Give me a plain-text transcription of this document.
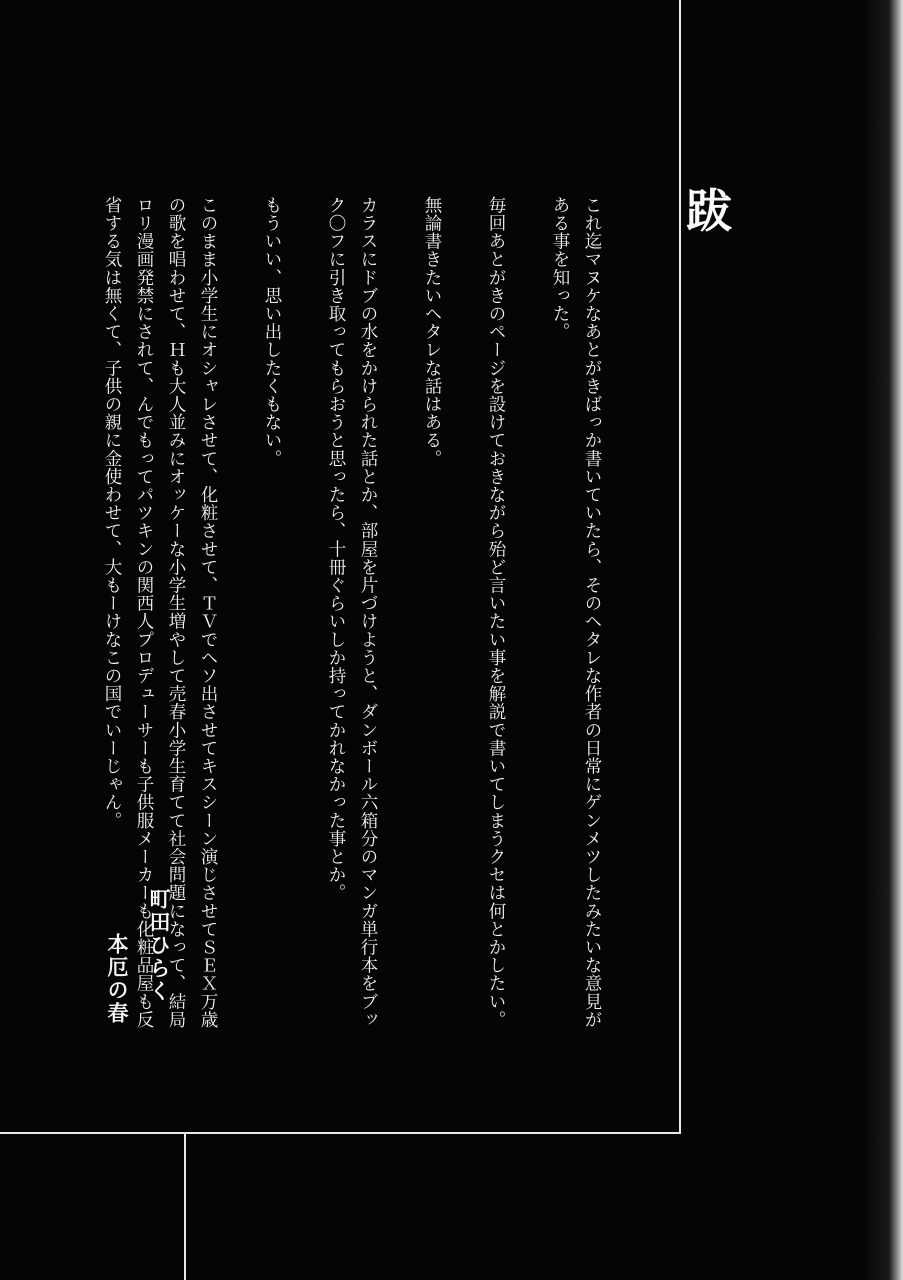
跋

これ迄マヌケなあとがきばっか書いていたら、そのヘタレな作者の日常にゲンメツしたみたいな意見がある事を知った。

毎回あとがきのページを設けておきながら殆ど言いたい事を解説で書いてしまうクセは何とかしたい。

無論書きたいヘタレな話はある。

カラスにドブの水をかけられた話とか、部屋を片づけようと、ダンボール六箱分のマンガ単行本をブック〇フに引き取ってもらおうと思ったら、十冊ぐらいしか持ってかれなかった事とか。

もういい、思い出したくもない。

このまま小学生にオシャレさせて、化粧させて、ＴＶでヘソ出させてキスシーン演じさせてＳＥＸ万歳の歌を唱わせて、Ｈも大人並みにオッケーな小学生増やして売春小学生育てて社会問題になって、結局ロリ漫画発禁にされて、んでもってパツキンの関西人プロデューサーも子供服メーカーも化粧品屋も反省する気は無くて、子供の親に金使わせて、大もーけなこの国でいーじゃん。

町田ひらく
本厄の春
